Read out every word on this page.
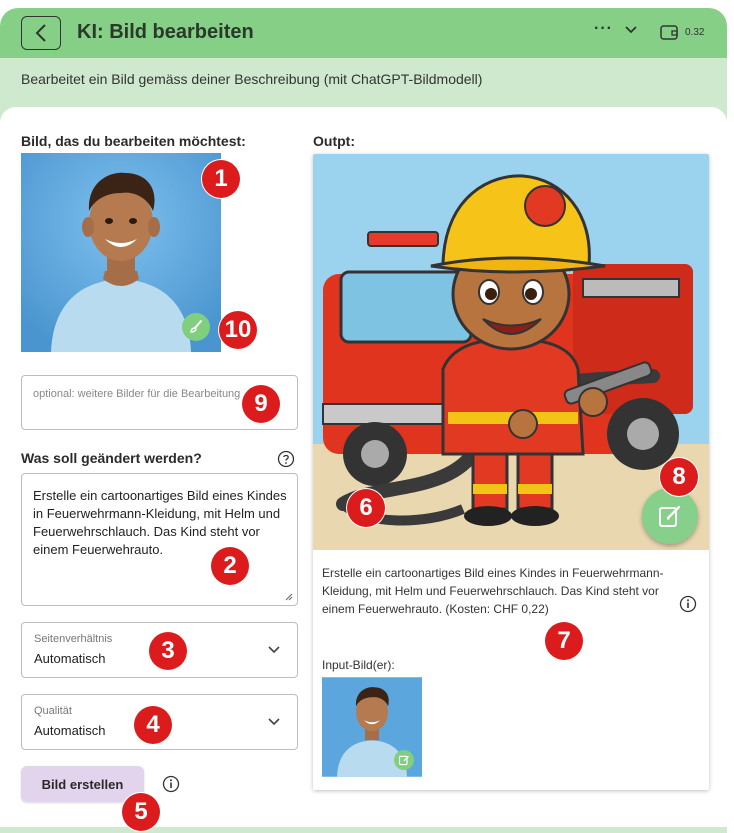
KI: Bild bearbeiten	···	0.32
Bearbeitet ein Bild gemäss deiner Beschreibung (mit ChatGPT-Bildmodell)
Bild, das du bearbeiten möchtest:
optional: weitere Bilder für die Bearbeitung
Was soll geändert werden?
Erstelle ein cartoonartiges Bild eines Kindes in Feuerwehrmann-Kleidung, mit Helm und Feuerwehrschlauch. Das Kind steht vor einem Feuerwehrauto.
Seitenverhältnis
Automatisch
Qualität
Automatisch
Bild erstellen
Outpt:
Erstelle ein cartoonartiges Bild eines Kindes in Feuerwehrmann-Kleidung, mit Helm und Feuerwehrschlauch. Das Kind steht vor einem Feuerwehrauto. (Kosten: CHF 0,22)
Input-Bild(er):
1
2
3
4
5
6
7
8
9
10
